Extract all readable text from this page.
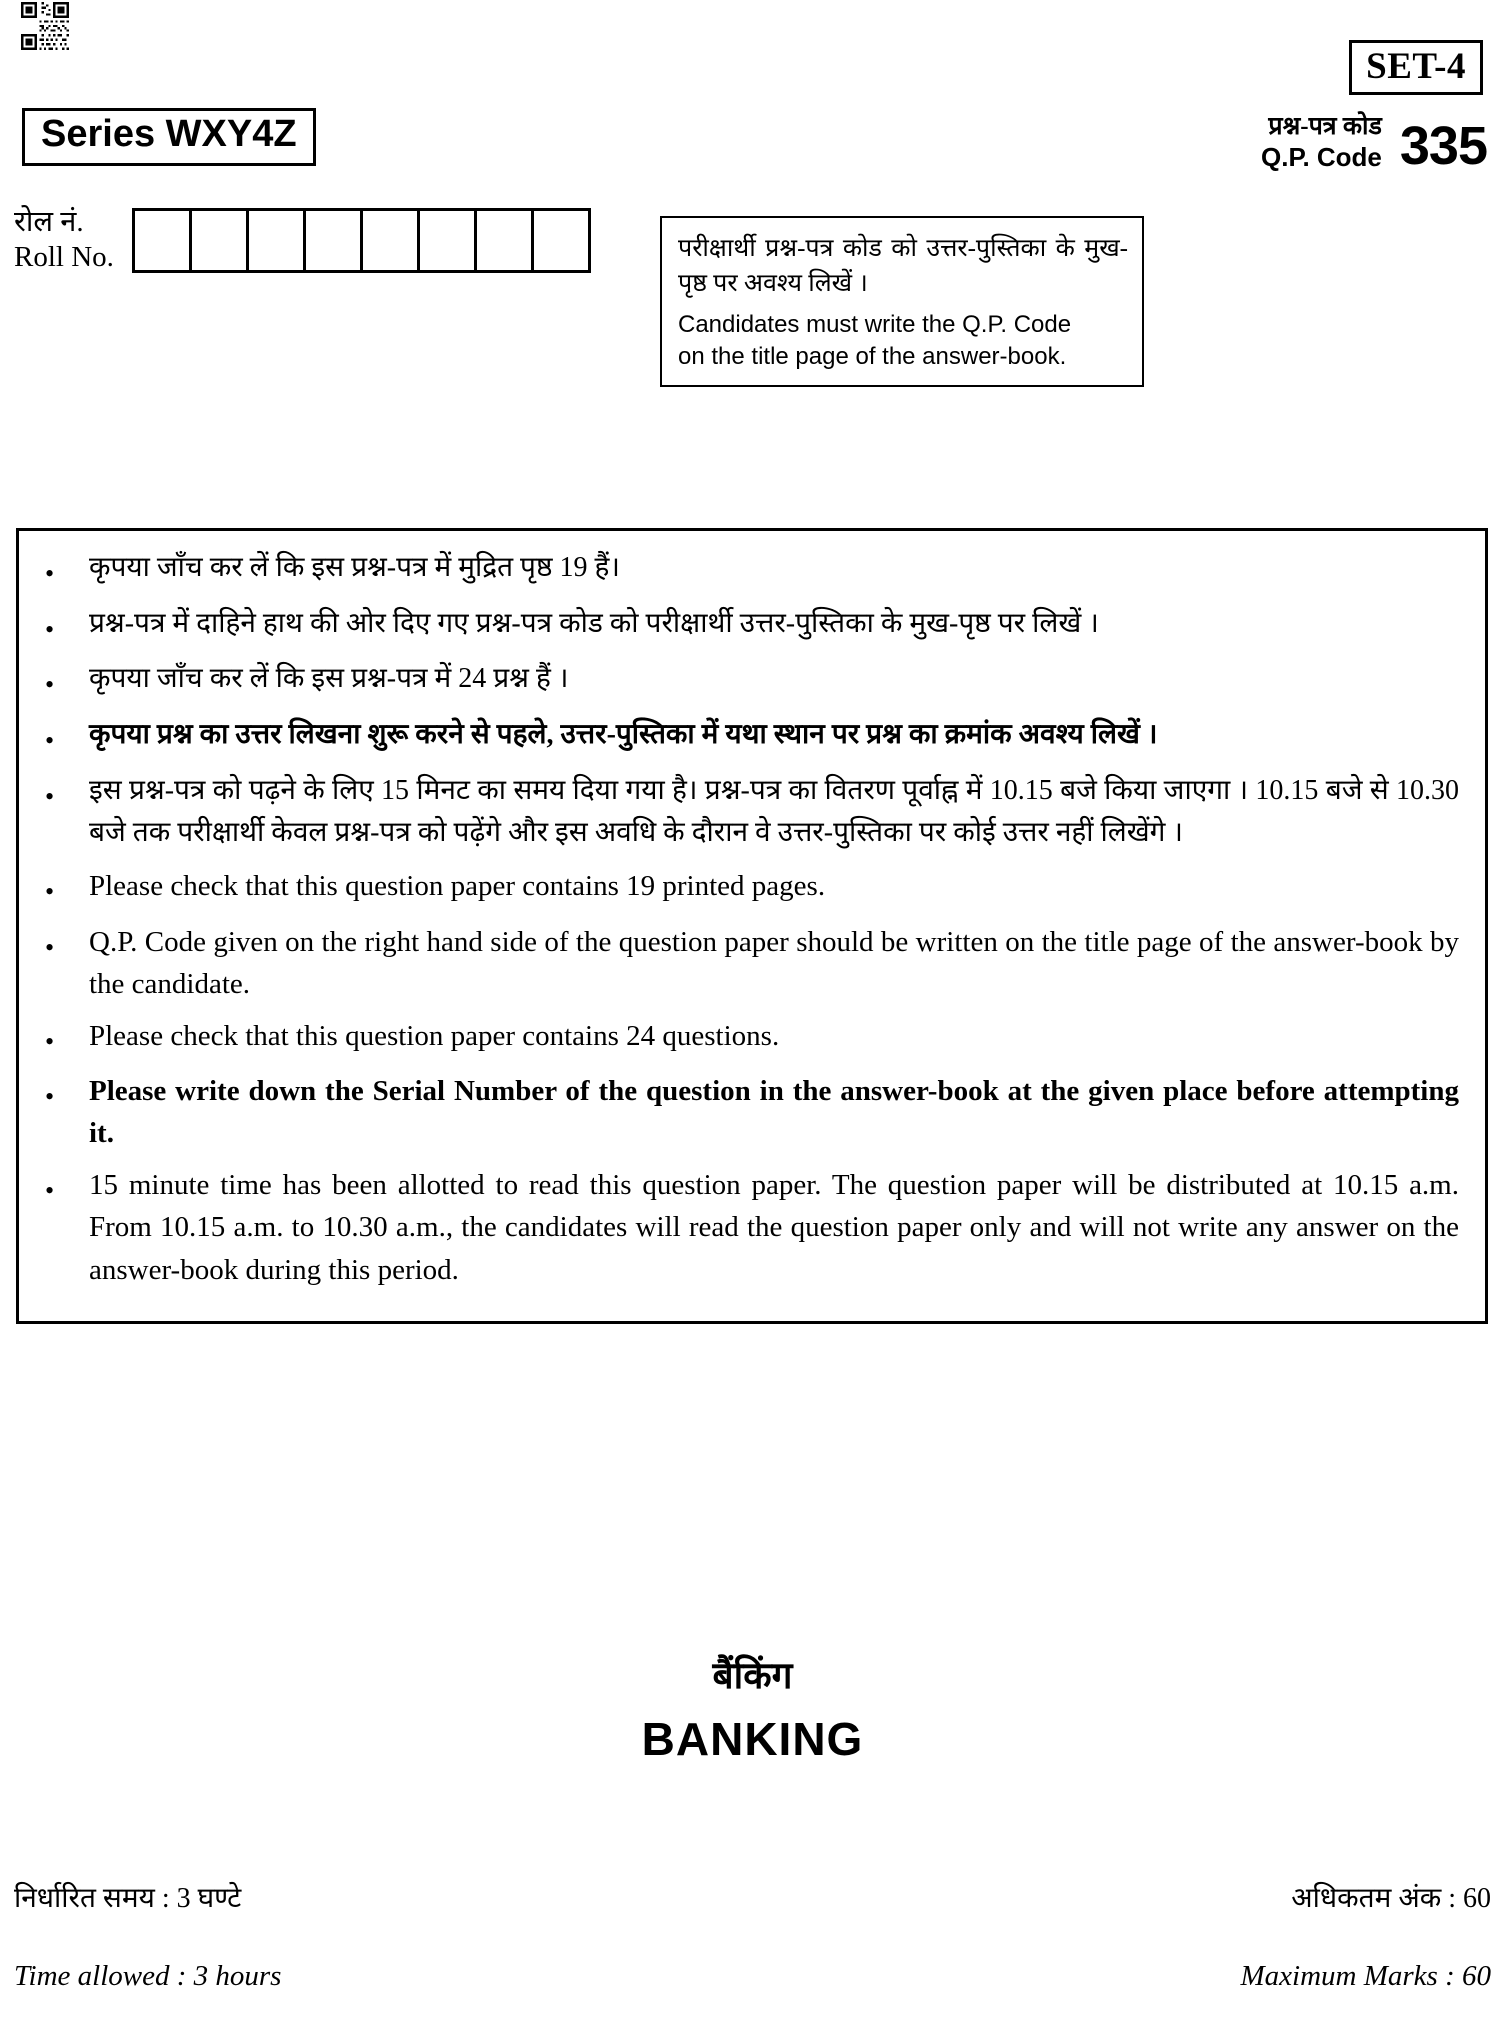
SET-4
Series WXY4Z	प्रश्न-पत्र कोड
Q.P. Code 335
रोल नं.
Roll No.	परीक्षार्थी प्रश्न-पत्र कोड को उत्तर-पुस्तिका के मुख-पृष्ठ पर अवश्य लिखें ।
Candidates must write the Q.P. Code
on the title page of the answer-book.
•	कृपया जाँच कर लें कि इस प्रश्न-पत्र में मुद्रित पृष्ठ 19 हैं।
•	प्रश्न-पत्र में दाहिने हाथ की ओर दिए गए प्रश्न-पत्र कोड को परीक्षार्थी उत्तर-पुस्तिका के मुख-पृष्ठ पर लिखें ।
•	कृपया जाँच कर लें कि इस प्रश्न-पत्र में 24 प्रश्न हैं ।
•	कृपया प्रश्न का उत्तर लिखना शुरू करने से पहले, उत्तर-पुस्तिका में यथा स्थान पर प्रश्न का क्रमांक अवश्य लिखें ।
•	इस प्रश्न-पत्र को पढ़ने के लिए 15 मिनट का समय दिया गया है। प्रश्न-पत्र का वितरण पूर्वाह्न में 10.15 बजे किया जाएगा । 10.15 बजे से 10.30 बजे तक परीक्षार्थी केवल प्रश्न-पत्र को पढ़ेंगे और इस अवधि के दौरान वे उत्तर-पुस्तिका पर कोई उत्तर नहीं लिखेंगे ।
•	Please check that this question paper contains 19 printed pages.
•	Q.P. Code given on the right hand side of the question paper should be written on the title page of the answer-book by the candidate.
•	Please check that this question paper contains 24 questions.
•	Please write down the Serial Number of the question in the answer-book at the given place before attempting it.
•	15 minute time has been allotted to read this question paper. The question paper will be distributed at 10.15 a.m. From 10.15 a.m. to 10.30 a.m., the candidates will read the question paper only and will not write any answer on the answer-book during this period.
बैंकिंग
BANKING
निर्धारित समय : 3 घण्टे	अधिकतम अंक : 60
Time allowed : 3 hours	Maximum Marks : 60
